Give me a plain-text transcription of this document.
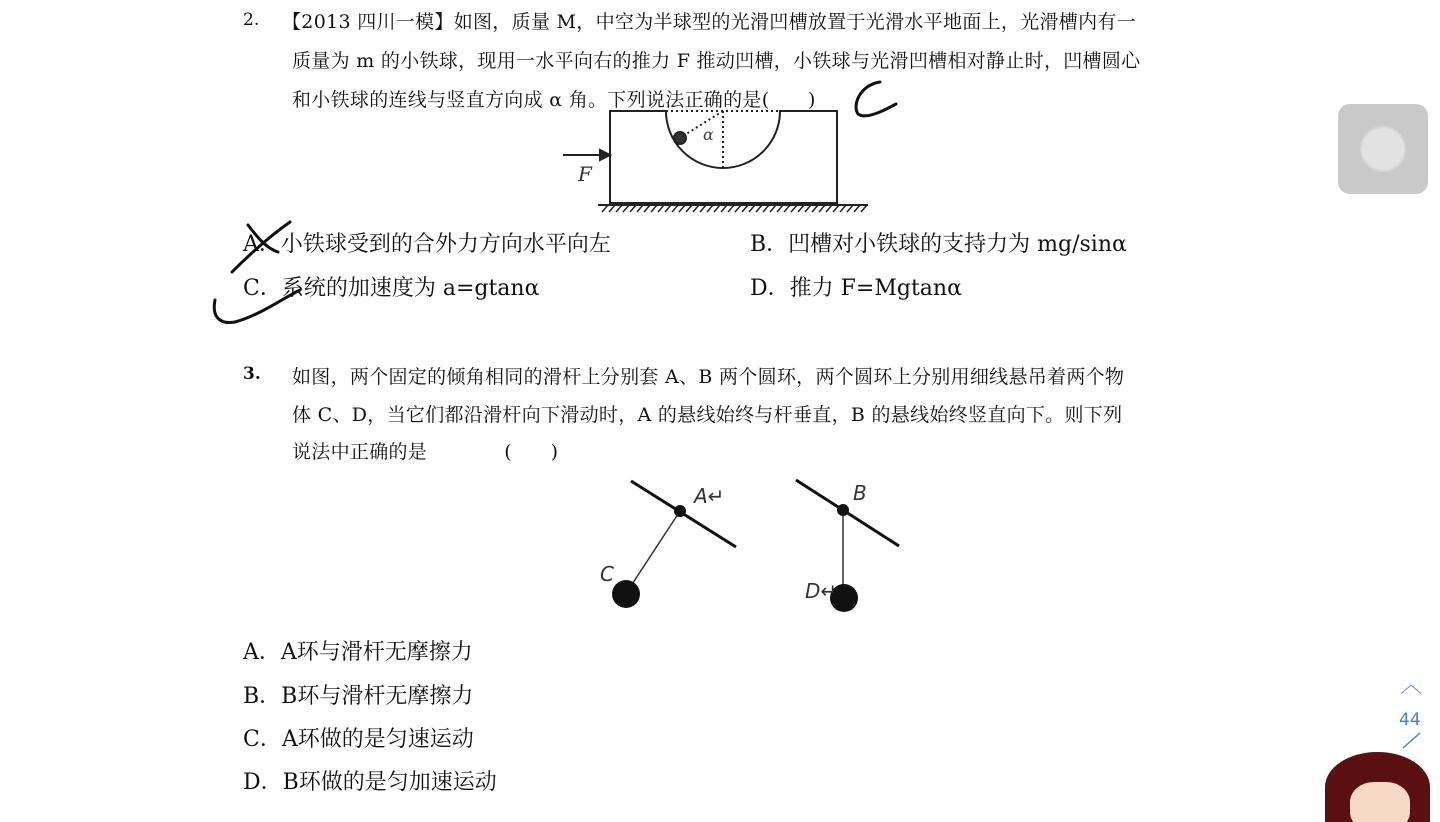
2. 【2013 四川一模】如图，质量 M，中空为半球型的光滑凹槽放置于光滑水平地面上，光滑槽内有一
质量为 m 的小铁球，现用一水平向右的推力 F 推动凹槽，小铁球与光滑凹槽相对静止时，凹槽圆心
和小铁球的连线与竖直方向成 α 角。下列说法正确的是(　　)
A．小铁球受到的合外力方向水平向左	B．凹槽对小铁球的支持力为 mg/sinα
C．系统的加速度为 a=gtanα	D．推力 F=Mgtanα
3. 如图，两个固定的倾角相同的滑杆上分别套 A、B 两个圆环，两个圆环上分别用细线悬吊着两个物
体 C、D，当它们都沿滑杆向下滑动时，A 的悬线始终与杆垂直，B 的悬线始终竖直向下。则下列
说法中正确的是　　　　(　　)
A．A环与滑杆无摩擦力
B．B环与滑杆无摩擦力
C．A环做的是匀速运动
D．B环做的是匀加速运动
F
α
A↵	B
C
D↵
︿
44
